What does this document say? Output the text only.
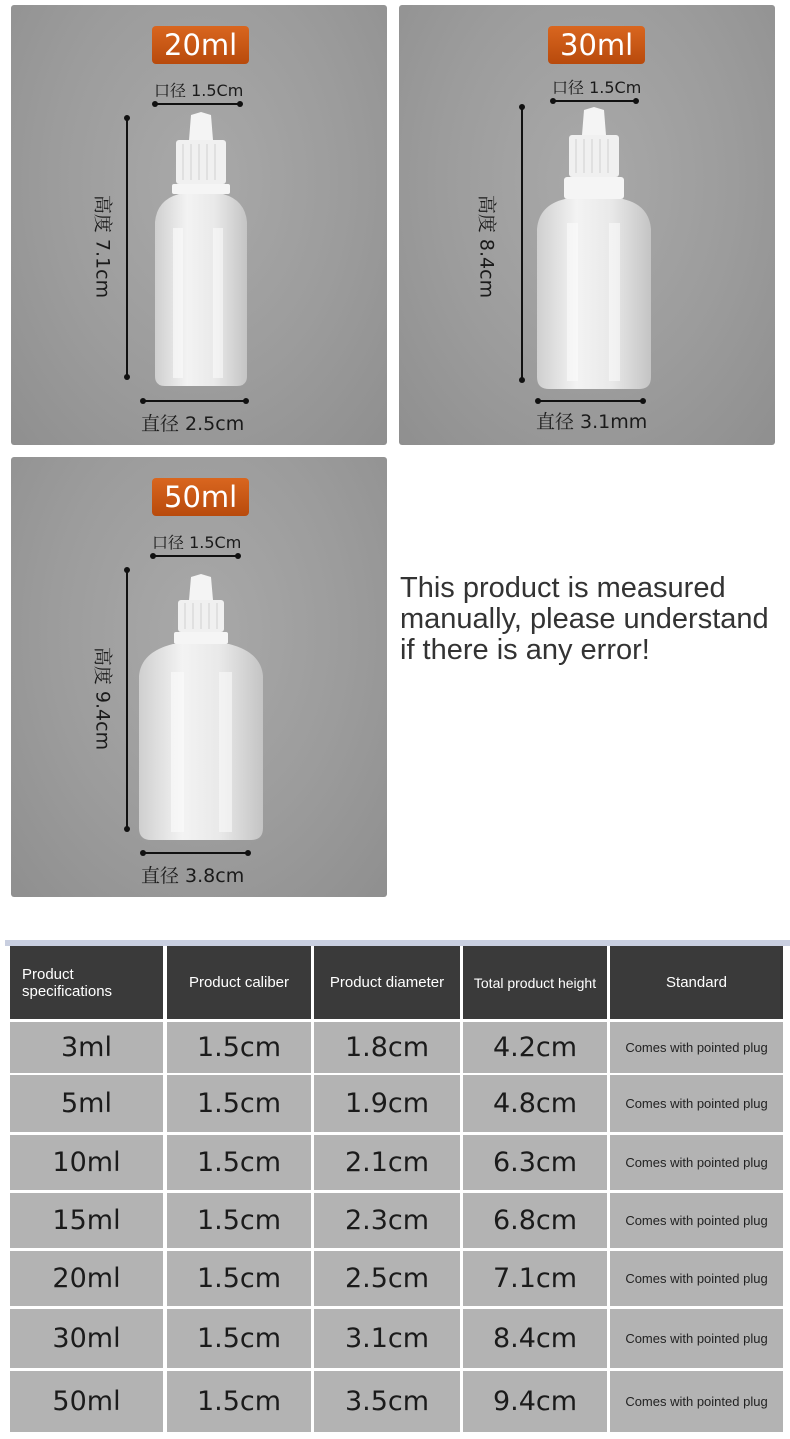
20ml
口径 1.5Cm
高度 7.1cm
直径 2.5cm
30ml
口径 1.5Cm
高度 8.4cm
直径 3.1mm
50ml
口径 1.5Cm
高度 9.4cm
直径 3.8cm
This product is measured manually, please understand if there is any error!
Product specifications	Product caliber	Product diameter	Total product height	Standard
3ml	1.5cm	1.8cm	4.2cm	Comes with pointed plug
5ml	1.5cm	1.9cm	4.8cm	Comes with pointed plug
10ml	1.5cm	2.1cm	6.3cm	Comes with pointed plug
15ml	1.5cm	2.3cm	6.8cm	Comes with pointed plug
20ml	1.5cm	2.5cm	7.1cm	Comes with pointed plug
30ml	1.5cm	3.1cm	8.4cm	Comes with pointed plug
50ml	1.5cm	3.5cm	9.4cm	Comes with pointed plug
